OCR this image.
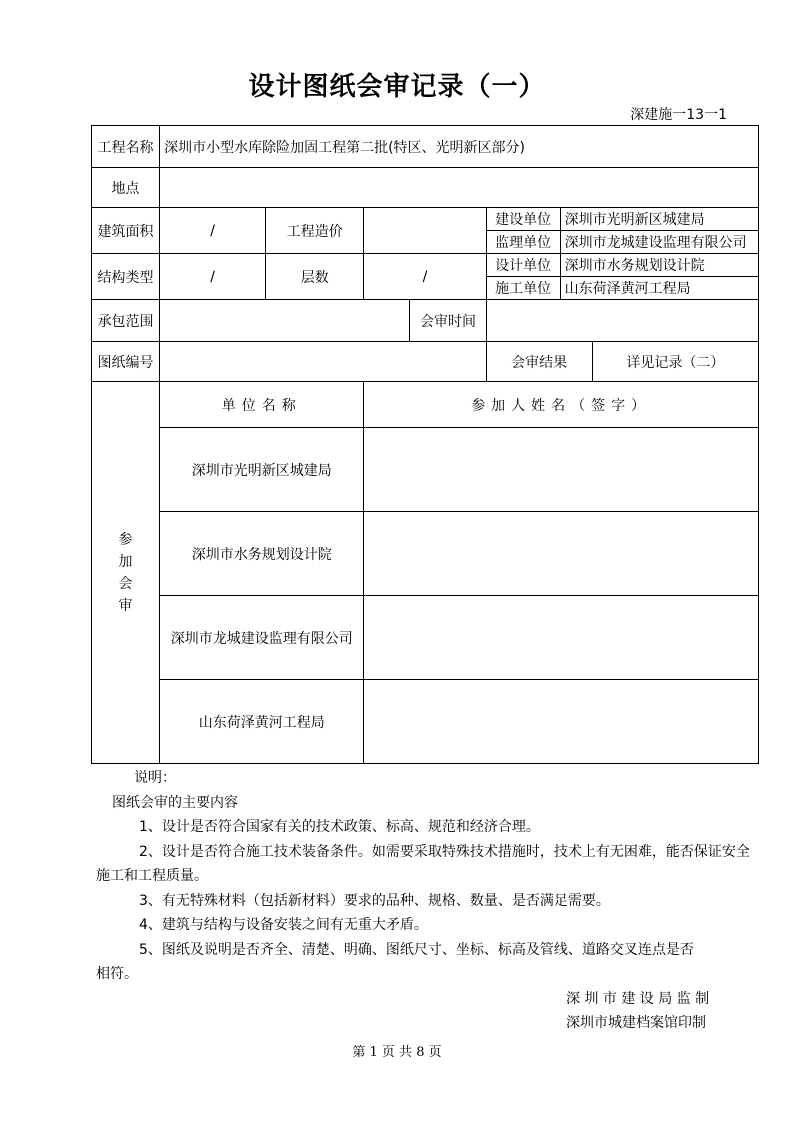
设计图纸会审记录（一）
深建施一13一1
工程名称	深圳市小型水库除险加固工程第二批(特区、光明新区部分)						
地点							
建筑面积	/	工程造价			建设单位	深圳市光明新区城建局	
					监理单位	深圳市龙城建设监理有限公司	
结构类型	/	层数	/		设计单位	深圳市水务规划设计院	
					施工单位	山东荷泽黄河工程局	
承包范围				会审时间			
图纸编号					会审结果		详见记录（二）
参
加
会
审	单位名称		参加人姓名（签字）				
	深圳市光明新区城建局						
	深圳市水务规划设计院						
	深圳市龙城建设监理有限公司						
	山东荷泽黄河工程局						
说明：
图纸会审的主要内容
1、设计是否符合国家有关的技术政策、标高、规范和经济合理。
2、设计是否符合施工技术装备条件。如需要采取特殊技术措施时，技术上有无困难，能否保证安全
施工和工程质量。
3、有无特殊材料（包括新材料）要求的品种、规格、数量、是否满足需要。
4、建筑与结构与设备安装之间有无重大矛盾。
5、图纸及说明是否齐全、清楚、明确、图纸尺寸、坐标、标高及管线、道路交叉连点是否
相符。
深 圳 市 建 设 局 监 制
深圳市城建档案馆印制
第 1 页 共 8 页
